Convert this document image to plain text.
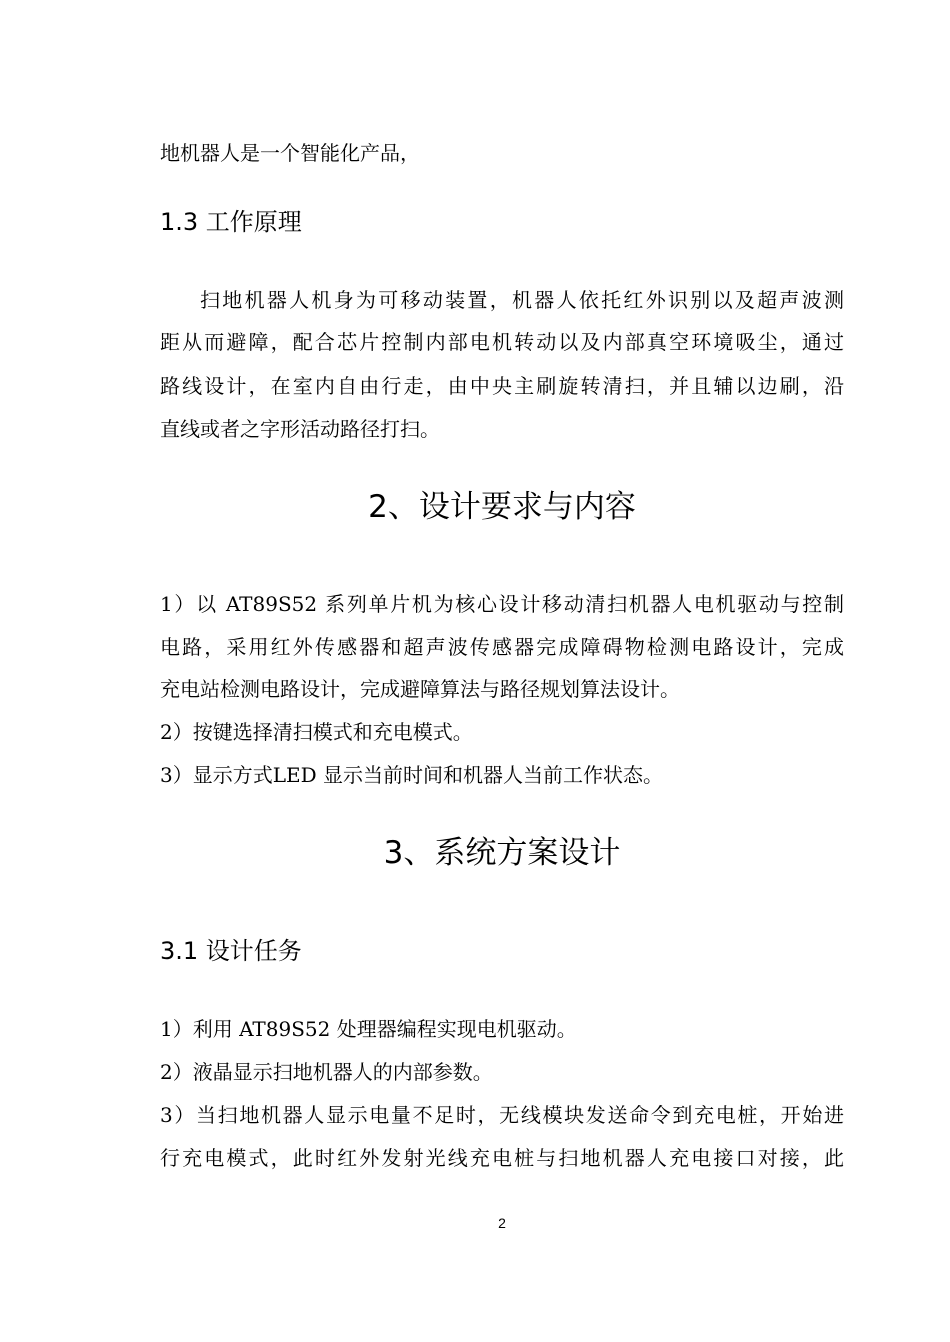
地机器人是一个智能化产品，
1.3 工作原理
扫地机器人机身为可移动装置，机器人依托红外识别以及超声波测
距从而避障，配合芯片控制内部电机转动以及内部真空环境吸尘，通过
路线设计，在室内自由行走，由中央主刷旋转清扫，并且辅以边刷，沿
直线或者之字形活动路径打扫。
2、设计要求与内容
1）以 AT89S52 系列单片机为核心设计移动清扫机器人电机驱动与控制
电路，采用红外传感器和超声波传感器完成障碍物检测电路设计，完成
充电站检测电路设计，完成避障算法与路径规划算法设计。
2）按键选择清扫模式和充电模式。
3）显示方式LED 显示当前时间和机器人当前工作状态。
3、系统方案设计
3.1 设计任务
1）利用 AT89S52 处理器编程实现电机驱动。
2）液晶显示扫地机器人的内部参数。
3）当扫地机器人显示电量不足时，无线模块发送命令到充电桩，开始进
行充电模式，此时红外发射光线充电桩与扫地机器人充电接口对接，此
2
